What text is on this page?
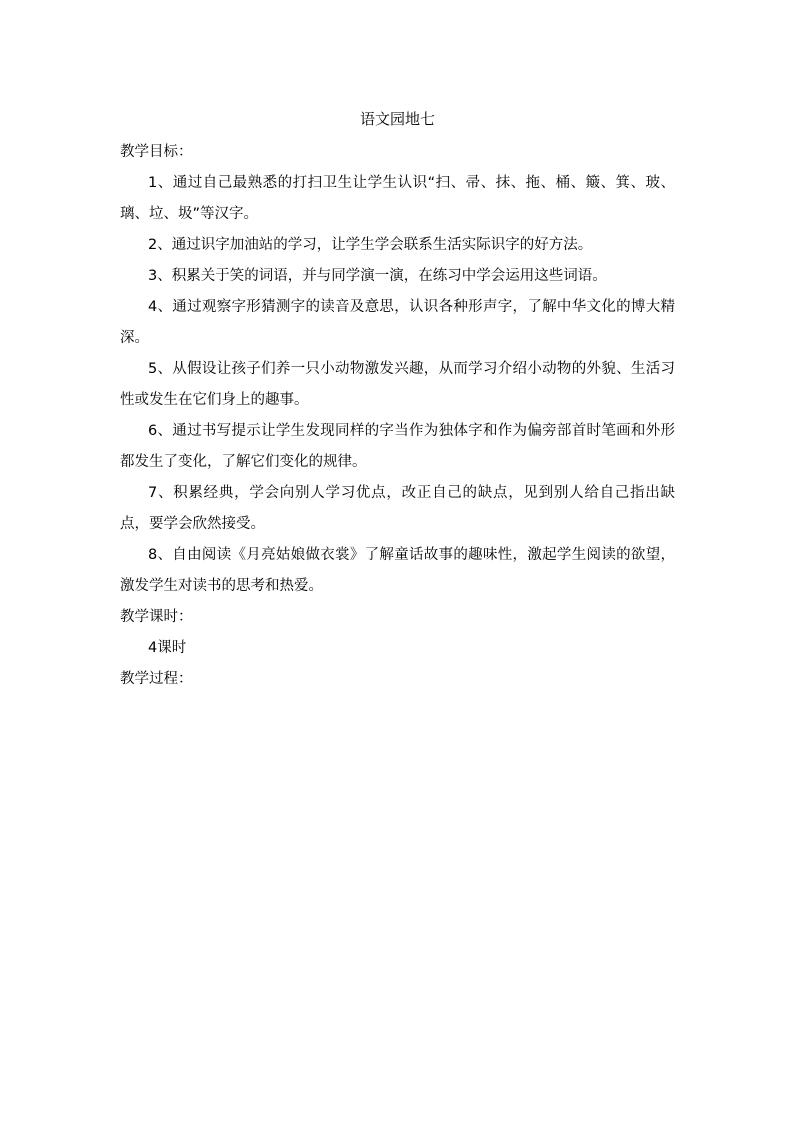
语文园地七

教学目标：

1、通过自己最熟悉的打扫卫生让学生认识“扫、帚、抹、拖、桶、簸、箕、玻、璃、垃、圾”等汉字。

2、通过识字加油站的学习，让学生学会联系生活实际识字的好方法。

3、积累关于笑的词语，并与同学演一演，在练习中学会运用这些词语。

4、通过观察字形猜测字的读音及意思，认识各种形声字，了解中华文化的博大精深。

5、从假设让孩子们养一只小动物激发兴趣，从而学习介绍小动物的外貌、生活习性或发生在它们身上的趣事。

6、通过书写提示让学生发现同样的字当作为独体字和作为偏旁部首时笔画和外形都发生了变化，了解它们变化的规律。

7、积累经典，学会向别人学习优点，改正自己的缺点，见到别人给自己指出缺点，要学会欣然接受。

8、自由阅读《月亮姑娘做衣裳》了解童话故事的趣味性，激起学生阅读的欲望，激发学生对读书的思考和热爱。

教学课时：

4课时

教学过程：
